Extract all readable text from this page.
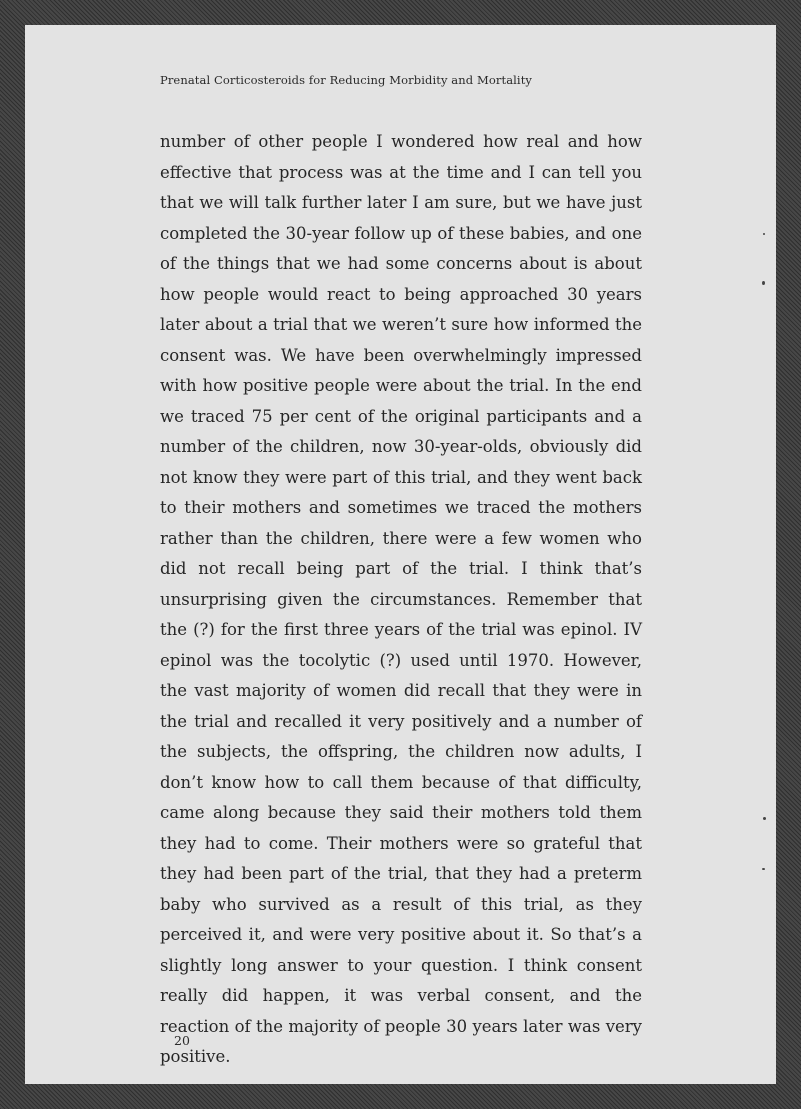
Prenatal Corticosteroids for Reducing Morbidity and Mortality

number of other people I wondered how real and how effective that process was at the time and I can tell you that we will talk further later I am sure, but we have just completed the 30-year follow up of these babies, and one of the things that we had some concerns about is about how people would react to being approached 30 years later about a trial that we weren’t sure how informed the consent was. We have been overwhelmingly impressed with how positive people were about the trial. In the end we traced 75 per cent of the original participants and a number of the children, now 30-year-olds, obviously did not know they were part of this trial, and they went back to their mothers and sometimes we traced the mothers rather than the children, there were a few women who did not recall being part of the trial. I think that’s unsurprising given the circumstances. Remember that the (?) for the first three years of the trial was epinol. IV epinol was the tocolytic (?) used until 1970. However, the vast majority of women did recall that they were in the trial and recalled it very positively and a number of the subjects, the offspring, the children now adults, I don’t know how to call them because of that difficulty, came along because they said their mothers told them they had to come. Their mothers were so grateful that they had been part of the trial, that they had a preterm baby who survived as a result of this trial, as they perceived it, and were very positive about it. So that’s a slightly long answer to your question. I think consent really did happen, it was verbal consent, and the reaction of the majority of people 30 years later was very positive.

20
